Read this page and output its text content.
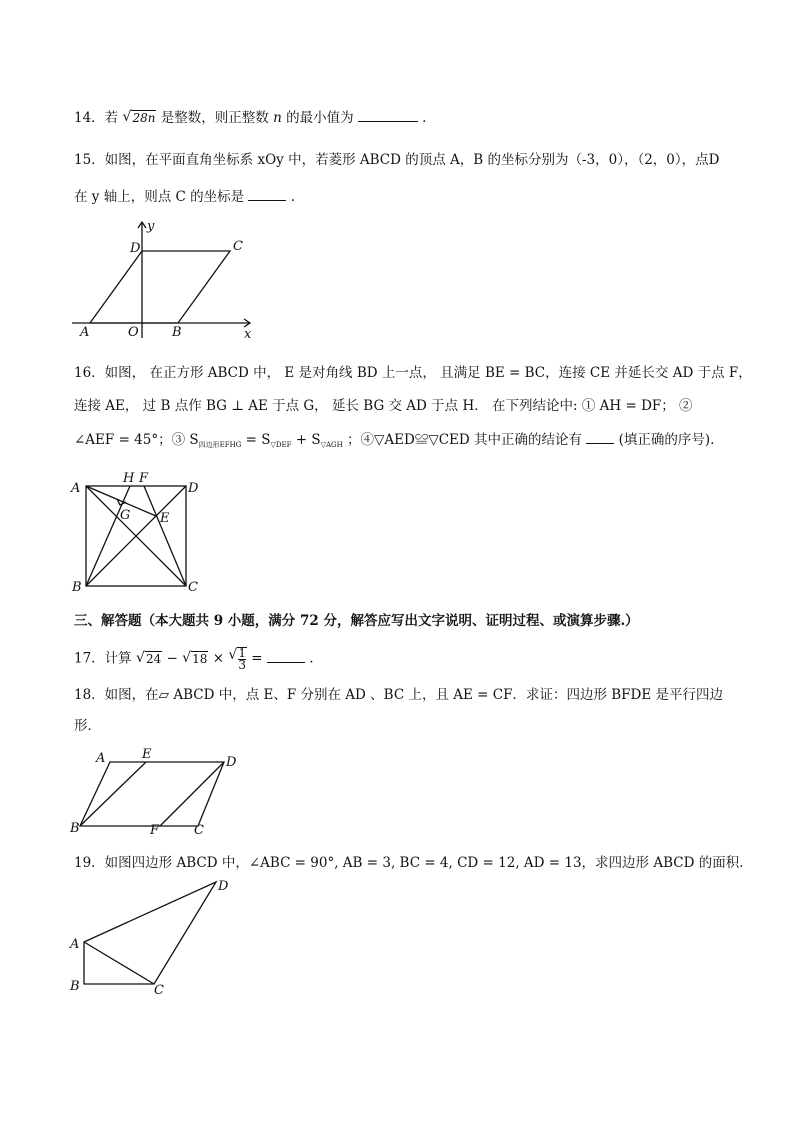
14．若 √ 28n 是整数，则正整数 n 的最小值为	.
15．如图，在平面直角坐标系 xOy 中，若菱形 ABCD 的顶点 A，B 的坐标分别为（-3，0），（2，0），点D
在 y 轴上，则点 C 的坐标是	.
D	C
A	O	B	x
y
16．如图， 在正方形 ABCD 中， E 是对角线 BD 上一点， 且满足 BE = BC，连接 CE 并延长交 AD 于点 F，
连接 AE， 过 B 点作 BG ⊥ AE 于点 G， 延长 BG 交 AD 于点 H． 在下列结论中: ① AH = DF； ②
∠AEF = 45°；③ $S_{四边形EFHG} = S_{▽DEF} + S_{▽AGH}$ ；④▽AED≌▽CED 其中正确的结论有  (填正确的序号).
A
H F
D
G E
B	C
三、解答题（本大题共 9 小题，满分 72 分，解答应写出文字说明、证明过程、或演算步骤.）
17．计算 √ 24 − √ 18 × √ $\frac{1}{3}$ =	.
18．如图，在▱ ABCD 中，点 E、F 分别在 AD 、BC 上，且 AE = CF．求证：四边形 BFDE 是平行四边
形．
A	E
D
B	F	C
19．如图四边形 ABCD 中，∠ABC = 90°, AB = 3, BC = 4, CD = 12, AD = 13，求四边形 ABCD 的面积．
D
A
B	C
